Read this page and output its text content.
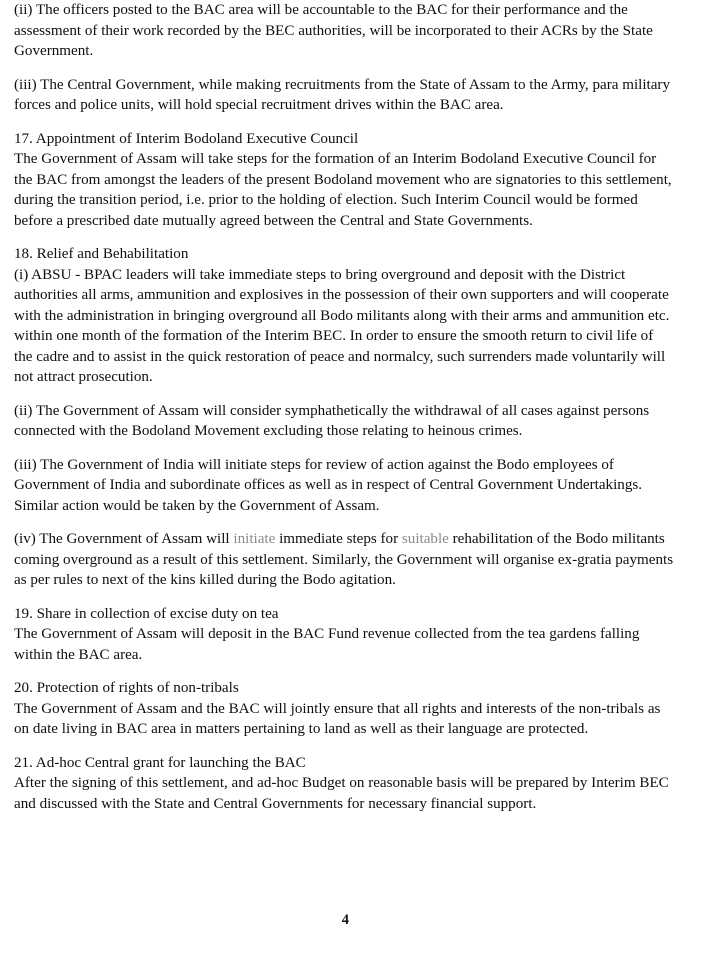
(ii) The officers posted to the BAC area will be accountable to the BAC for their performance and the assessment of their work recorded by the BEC authorities, will be incorporated to their ACRs by the State Government.

(iii) The Central Government, while making recruitments from the State of Assam to the Army, para military forces and police units, will hold special recruitment drives within the BAC area.

17. Appointment of Interim Bodoland Executive Council
The Government of Assam will take steps for the formation of an Interim Bodoland Executive Council for the BAC from amongst the leaders of the present Bodoland movement who are signatories to this settlement, during the transition period, i.e. prior to the holding of election. Such Interim Council would be formed before a prescribed date mutually agreed between the Central and State Governments.

18. Relief and Behabilitation
(i) ABSU - BPAC leaders will take immediate steps to bring overground and deposit with the District authorities all arms, ammunition and explosives in the possession of their own supporters and will cooperate with the administration in bringing overground all Bodo militants along with their arms and ammunition etc. within one month of the formation of the Interim BEC. In order to ensure the smooth return to civil life of the cadre and to assist in the quick restoration of peace and normalcy, such surrenders made voluntarily will not attract prosecution.

(ii) The Government of Assam will consider symphathetically the withdrawal of all cases against persons connected with the Bodoland Movement excluding those relating to heinous crimes.

(iii) The Government of India will initiate steps for review of action against the Bodo employees of Government of India and subordinate offices as well as in respect of Central Government Undertakings. Similar action would be taken by the Government of Assam.

(iv) The Government of Assam will initiate immediate steps for suitable rehabilitation of the Bodo militants coming overground as a result of this settlement. Similarly, the Government will organise ex-gratia payments as per rules to next of the kins killed during the Bodo agitation.

19. Share in collection of excise duty on tea
The Government of Assam will deposit in the BAC Fund revenue collected from the tea gardens falling within the BAC area.

20. Protection of rights of non-tribals
The Government of Assam and the BAC will jointly ensure that all rights and interests of the non-tribals as on date living in BAC area in matters pertaining to land as well as their language are protected.

21. Ad-hoc Central grant for launching the BAC
After the signing of this settlement, and ad-hoc Budget on reasonable basis will be prepared by Interim BEC and discussed with the State and Central Governments for necessary financial support.

4
